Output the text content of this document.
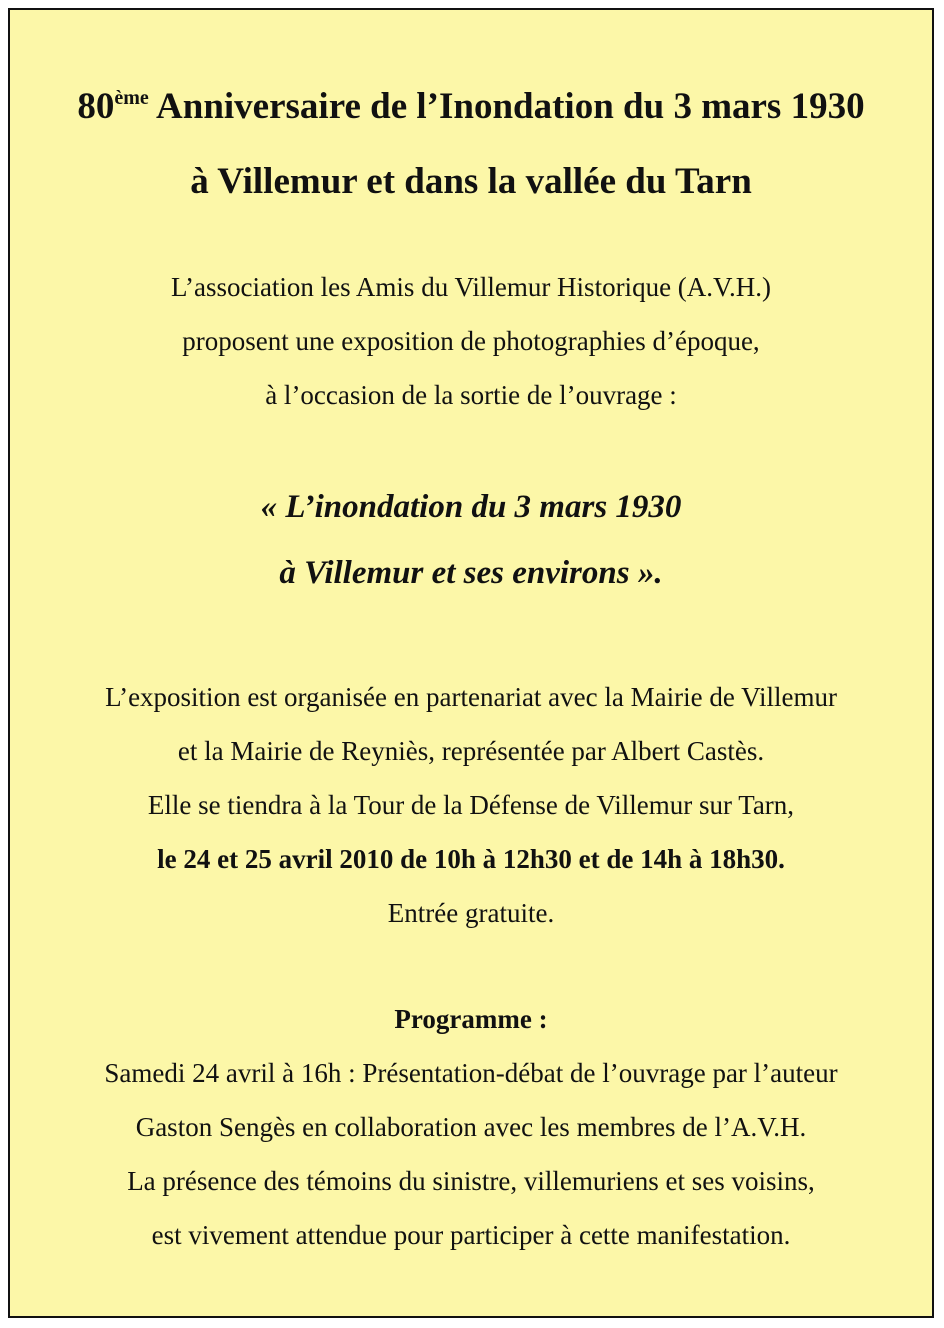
80ème Anniversaire de l’Inondation du 3 mars 1930
à Villemur et dans la vallée du Tarn
L’association les Amis du Villemur Historique (A.V.H.)
proposent une exposition de photographies d’époque,
à l’occasion de la sortie de l’ouvrage :
« L’inondation du 3 mars 1930
à Villemur et ses environs ».
L’exposition est organisée en partenariat avec la Mairie de Villemur
et la Mairie de Reyniès, représentée par Albert Castès.
Elle se tiendra à la Tour de la Défense de Villemur sur Tarn,
le 24 et 25 avril 2010 de 10h à 12h30 et de 14h à 18h30.
Entrée gratuite.
Programme :
Samedi 24 avril à 16h : Présentation-débat de l’ouvrage par l’auteur
Gaston Sengès en collaboration avec les membres de l’A.V.H.
La présence des témoins du sinistre, villemuriens et ses voisins,
est vivement attendue pour participer à cette manifestation.
